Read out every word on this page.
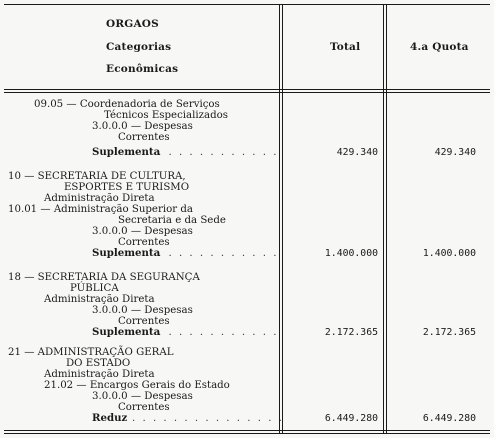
ORGAOS
Categorias
Econômicas
Total	4.a Quota
09.05 — Coordenadoria de Serviços
Técnicos Especializados
3.0.0.0 — Despesas
Correntes
Suplementa
. . . . . . . . . . . .	429.340	429.340
10 — SECRETARIA DE CULTURA,
ESPORTES E TURISMO
Administração Direta
10.01 — Administração Superior da
Secretaria e da Sede
3.0.0.0 — Despesas
Correntes
Suplementa
. . . . . . . . . . . .	1.400.000	1.400.000
18 — SECRETARIA DA SEGURANÇA
PÚBLICA
Administração Direta
3.0.0.0 — Despesas
Correntes
Suplementa
. . . . . . . . . . . .	2.172.365	2.172.365
21 — ADMINISTRAÇÃO GERAL
DO ESTADO
Administração Direta
21.02 — Encargos Gerais do Estado
3.0.0.0 — Despesas
Correntes
Reduz . . . . . . . . . . . . . . .	6.449.280	6.449.280
